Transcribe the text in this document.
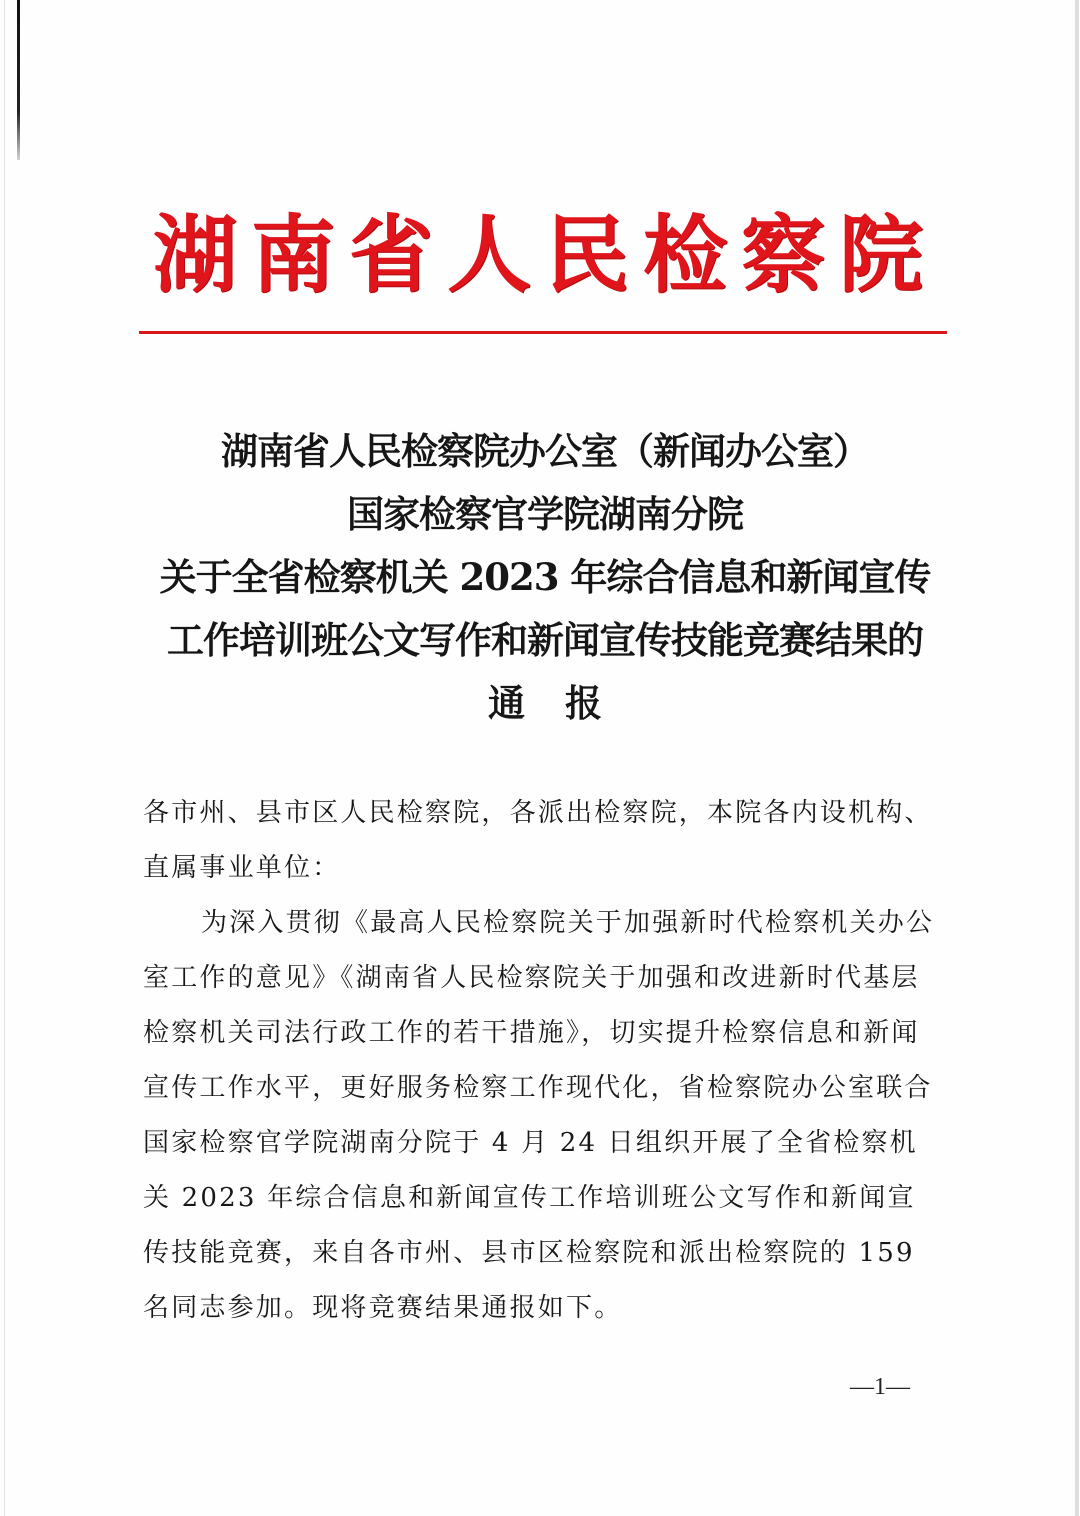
湖南省人民检察院
湖南省人民检察院办公室（新闻办公室）
国家检察官学院湖南分院
关于全省检察机关 2023 年综合信息和新闻宣传
工作培训班公文写作和新闻宣传技能竞赛结果的
通报
各市州、县市区人民检察院，各派出检察院，本院各内设机构、直属事业单位：
为深入贯彻《最高人民检察院关于加强新时代检察机关办公室工作的意见》《湖南省人民检察院关于加强和改进新时代基层检察机关司法行政工作的若干措施》，切实提升检察信息和新闻宣传工作水平，更好服务检察工作现代化，省检察院办公室联合国家检察官学院湖南分院于 4 月 24 日组织开展了全省检察机关 2023 年综合信息和新闻宣传工作培训班公文写作和新闻宣传技能竞赛，来自各市州、县市区检察院和派出检察院的 159 名同志参加。现将竞赛结果通报如下。
—1—
